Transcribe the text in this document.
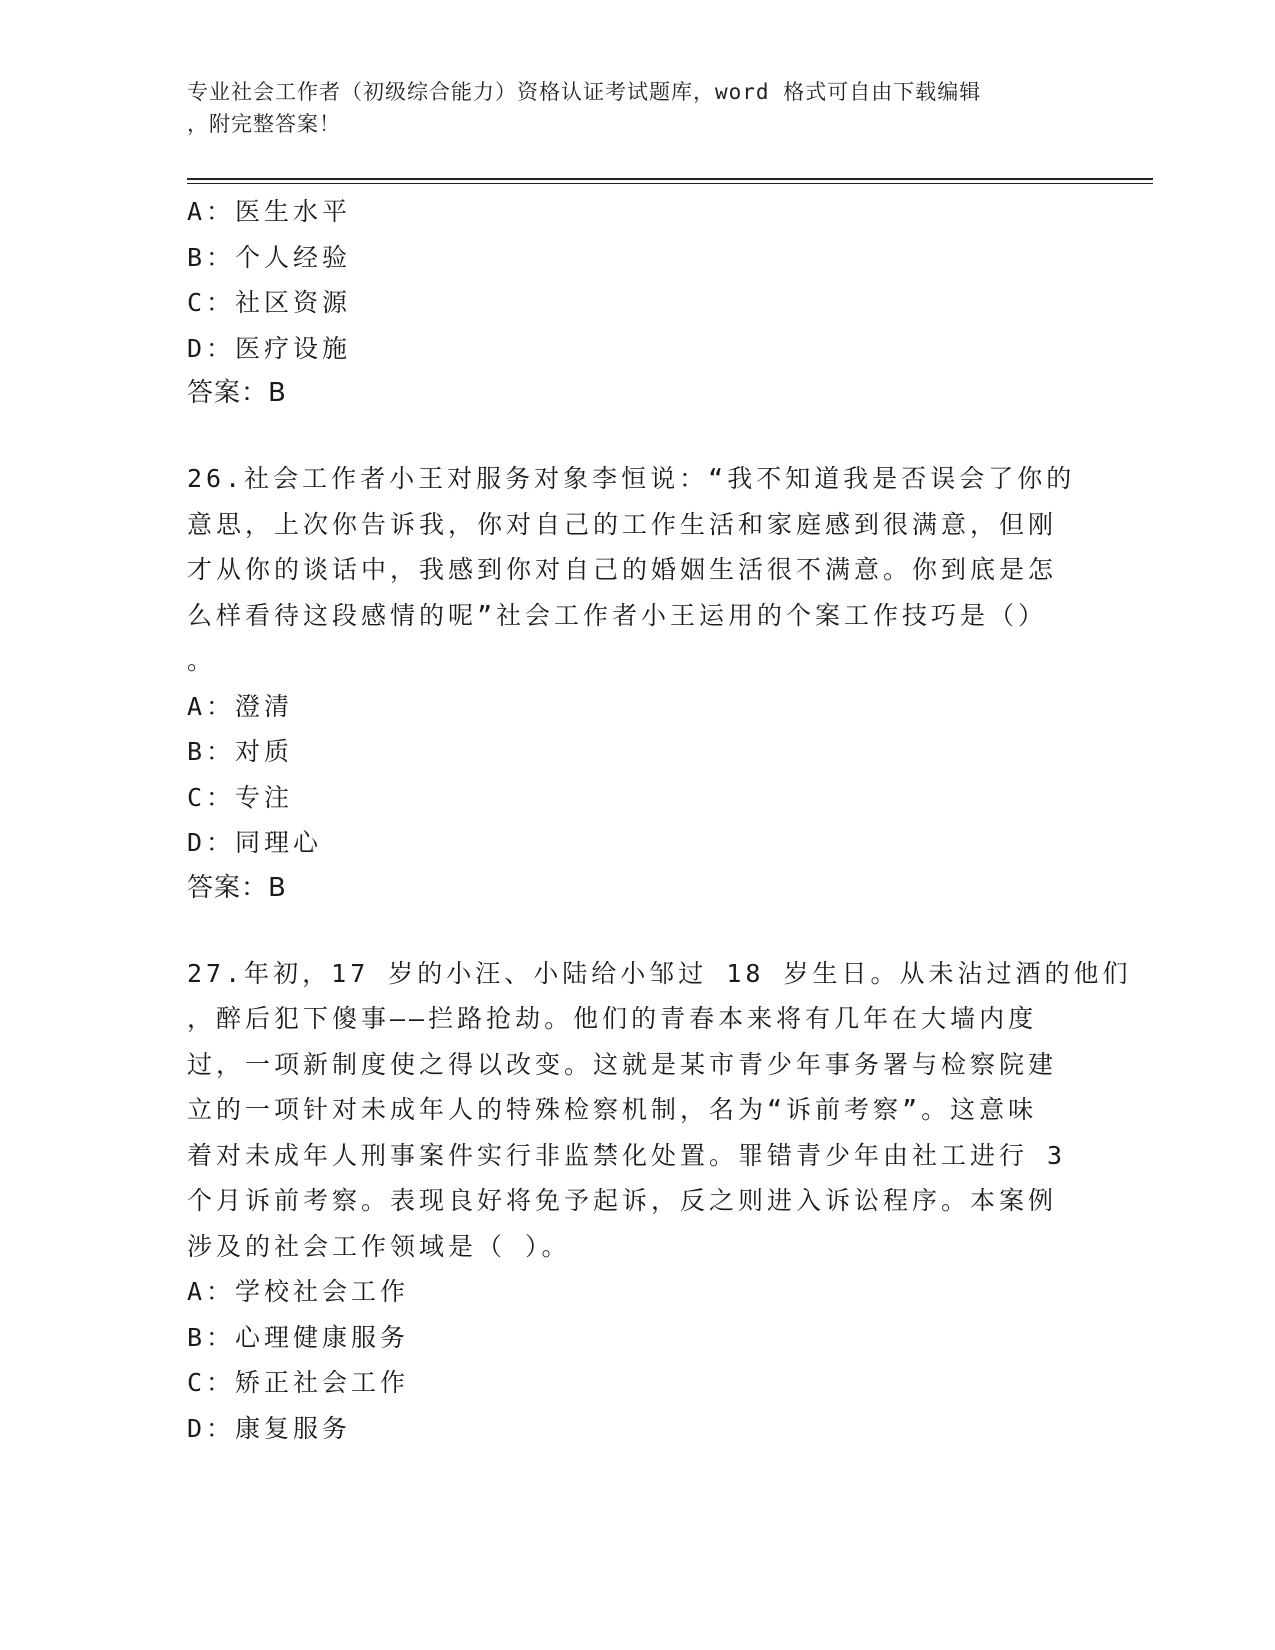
专业社会工作者（初级综合能力）资格认证考试题库，word 格式可自由下载编辑
，附完整答案！
A：医生水平
B：个人经验
C：社区资源
D：医疗设施
答案：B
26.社会工作者小王对服务对象李恒说：“我不知道我是否误会了你的
意思，上次你告诉我，你对自己的工作生活和家庭感到很满意，但刚
才从你的谈话中，我感到你对自己的婚姻生活很不满意。你到底是怎
么样看待这段感情的呢”社会工作者小王运用的个案工作技巧是（）
。
A：澄清
B：对质
C：专注
D：同理心
答案：B
27.年初，17 岁的小汪、小陆给小邹过 18 岁生日。从未沾过酒的他们
，醉后犯下傻事——拦路抢劫。他们的青春本来将有几年在大墙内度
过，一项新制度使之得以改变。这就是某市青少年事务署与检察院建
立的一项针对未成年人的特殊检察机制，名为“诉前考察”。这意味
着对未成年人刑事案件实行非监禁化处置。罪错青少年由社工进行 3
个月诉前考察。表现良好将免予起诉，反之则进入诉讼程序。本案例
涉及的社会工作领域是（ ）。
A：学校社会工作
B：心理健康服务
C：矫正社会工作
D：康复服务
